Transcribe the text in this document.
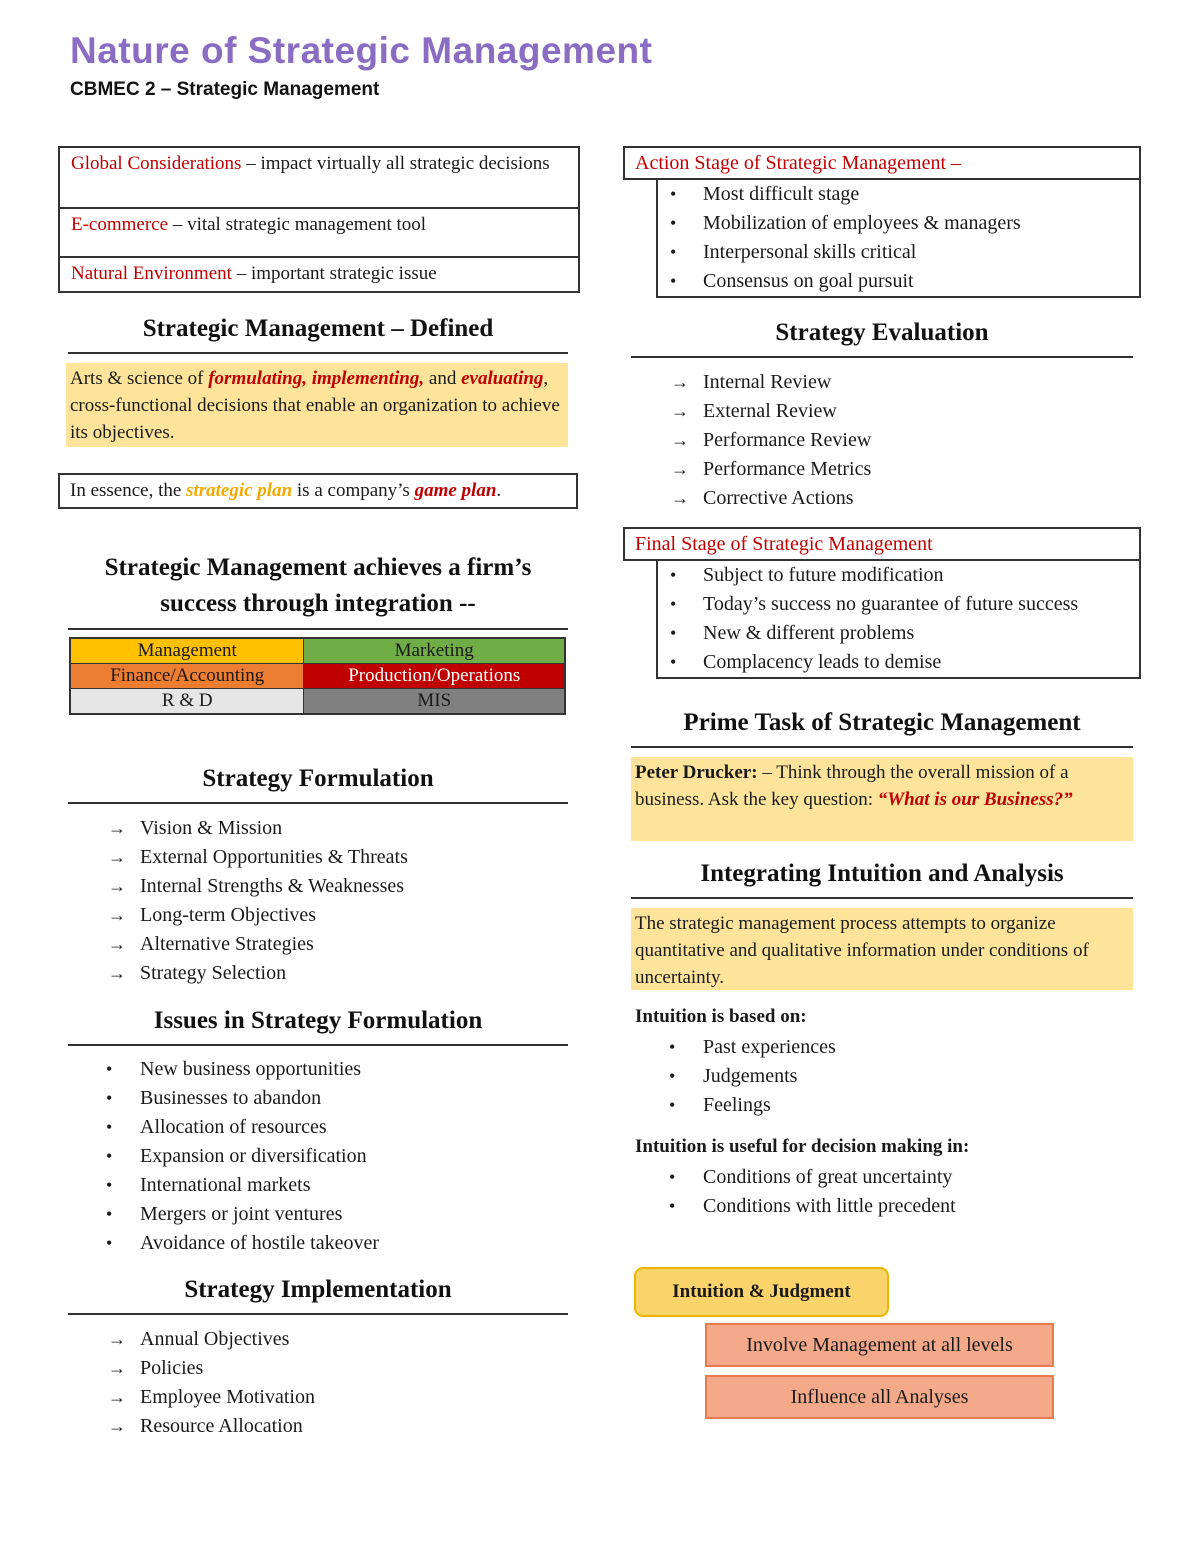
Nature of Strategic Management
CBMEC 2 – Strategic Management
Global Considerations – impact virtually all strategic decisions
E-commerce – vital strategic management tool
Natural Environment – important strategic issue
Strategic Management – Defined
Arts & science of formulating, implementing, and evaluating, cross-functional decisions that enable an organization to achieve its objectives.
In essence, the strategic plan is a company’s game plan.
Strategic Management achieves a firm’s success through integration --
Management	Marketing
Finance/Accounting	Production/Operations
R & D	MIS
Strategy Formulation
→ Vision & Mission
→ External Opportunities & Threats
→ Internal Strengths & Weaknesses
→ Long-term Objectives
→ Alternative Strategies
→ Strategy Selection
Issues in Strategy Formulation
• New business opportunities
• Businesses to abandon
• Allocation of resources
• Expansion or diversification
• International markets
• Mergers or joint ventures
• Avoidance of hostile takeover
Strategy Implementation
→ Annual Objectives
→ Policies
→ Employee Motivation
→ Resource Allocation
Action Stage of Strategic Management –
• Most difficult stage
• Mobilization of employees & managers
• Interpersonal skills critical
• Consensus on goal pursuit
Strategy Evaluation
→ Internal Review
→ External Review
→ Performance Review
→ Performance Metrics
→ Corrective Actions
Final Stage of Strategic Management
• Subject to future modification
• Today’s success no guarantee of future success
• New & different problems
• Complacency leads to demise
Prime Task of Strategic Management
Peter Drucker: – Think through the overall mission of a business. Ask the key question: “What is our Business?”
Integrating Intuition and Analysis
The strategic management process attempts to organize quantitative and qualitative information under conditions of uncertainty.
Intuition is based on:
• Past experiences
• Judgements
• Feelings
Intuition is useful for decision making in:
• Conditions of great uncertainty
• Conditions with little precedent
Intuition & Judgment
Involve Management at all levels
Influence all Analyses
